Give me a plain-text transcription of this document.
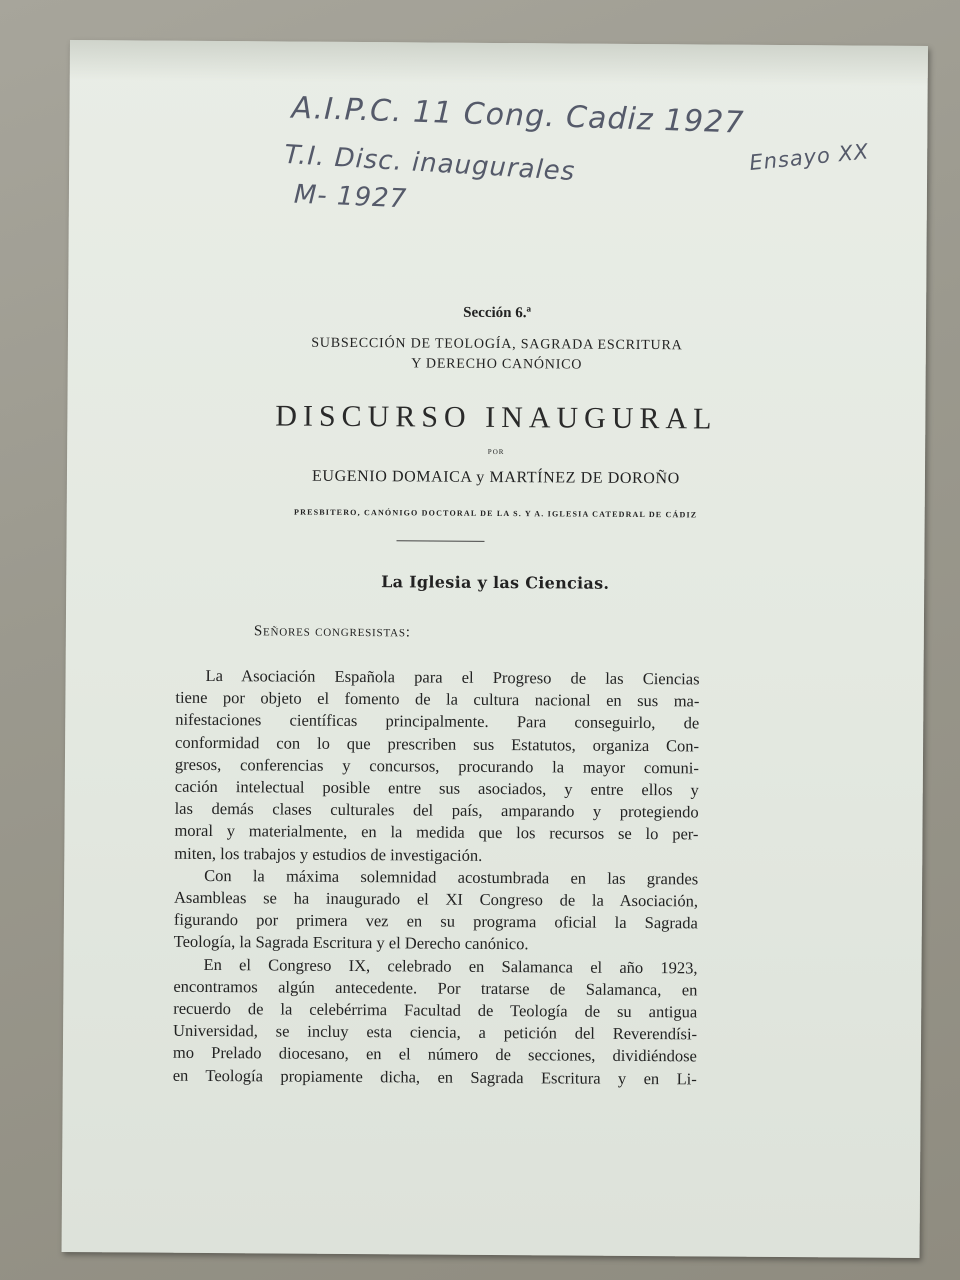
A.I.P.C. 11 Cong. Cadiz 1927
T.I. Disc. inaugurales
M- 1927
Ensayo XX
Sección 6.ª
SUBSECCIÓN DE TEOLOGÍA, SAGRADA ESCRITURA
Y DERECHO CANÓNICO
DISCURSO INAUGURAL
POR
EUGENIO DOMAICA y MARTÍNEZ DE DOROÑO
PRESBITERO, CANÓNIGO DOCTORAL DE LA S. Y A. IGLESIA CATEDRAL DE CÁDIZ
La Iglesia y las Ciencias.
Señores congresistas:
La Asociación Española para el Progreso de las Ciencias
tiene por objeto el fomento de la cultura nacional en sus ma-
nifestaciones científicas principalmente. Para conseguirlo, de
conformidad con lo que prescriben sus Estatutos, organiza Con-
gresos, conferencias y concursos, procurando la mayor comuni-
cación intelectual posible entre sus asociados, y entre ellos y
las demás clases culturales del país, amparando y protegiendo
moral y materialmente, en la medida que los recursos se lo per-
miten, los trabajos y estudios de investigación.
Con la máxima solemnidad acostumbrada en las grandes
Asambleas se ha inaugurado el XI Congreso de la Asociación,
figurando por primera vez en su programa oficial la Sagrada
Teología, la Sagrada Escritura y el Derecho canónico.
En el Congreso IX, celebrado en Salamanca el año 1923,
encontramos algún antecedente. Por tratarse de Salamanca, en
recuerdo de la celebérrima Facultad de Teología de su antigua
Universidad, se incluy esta ciencia, a petición del Reverendísi-
mo Prelado diocesano, en el número de secciones, dividiéndose
en Teología propiamente dicha, en Sagrada Escritura y en Li-
